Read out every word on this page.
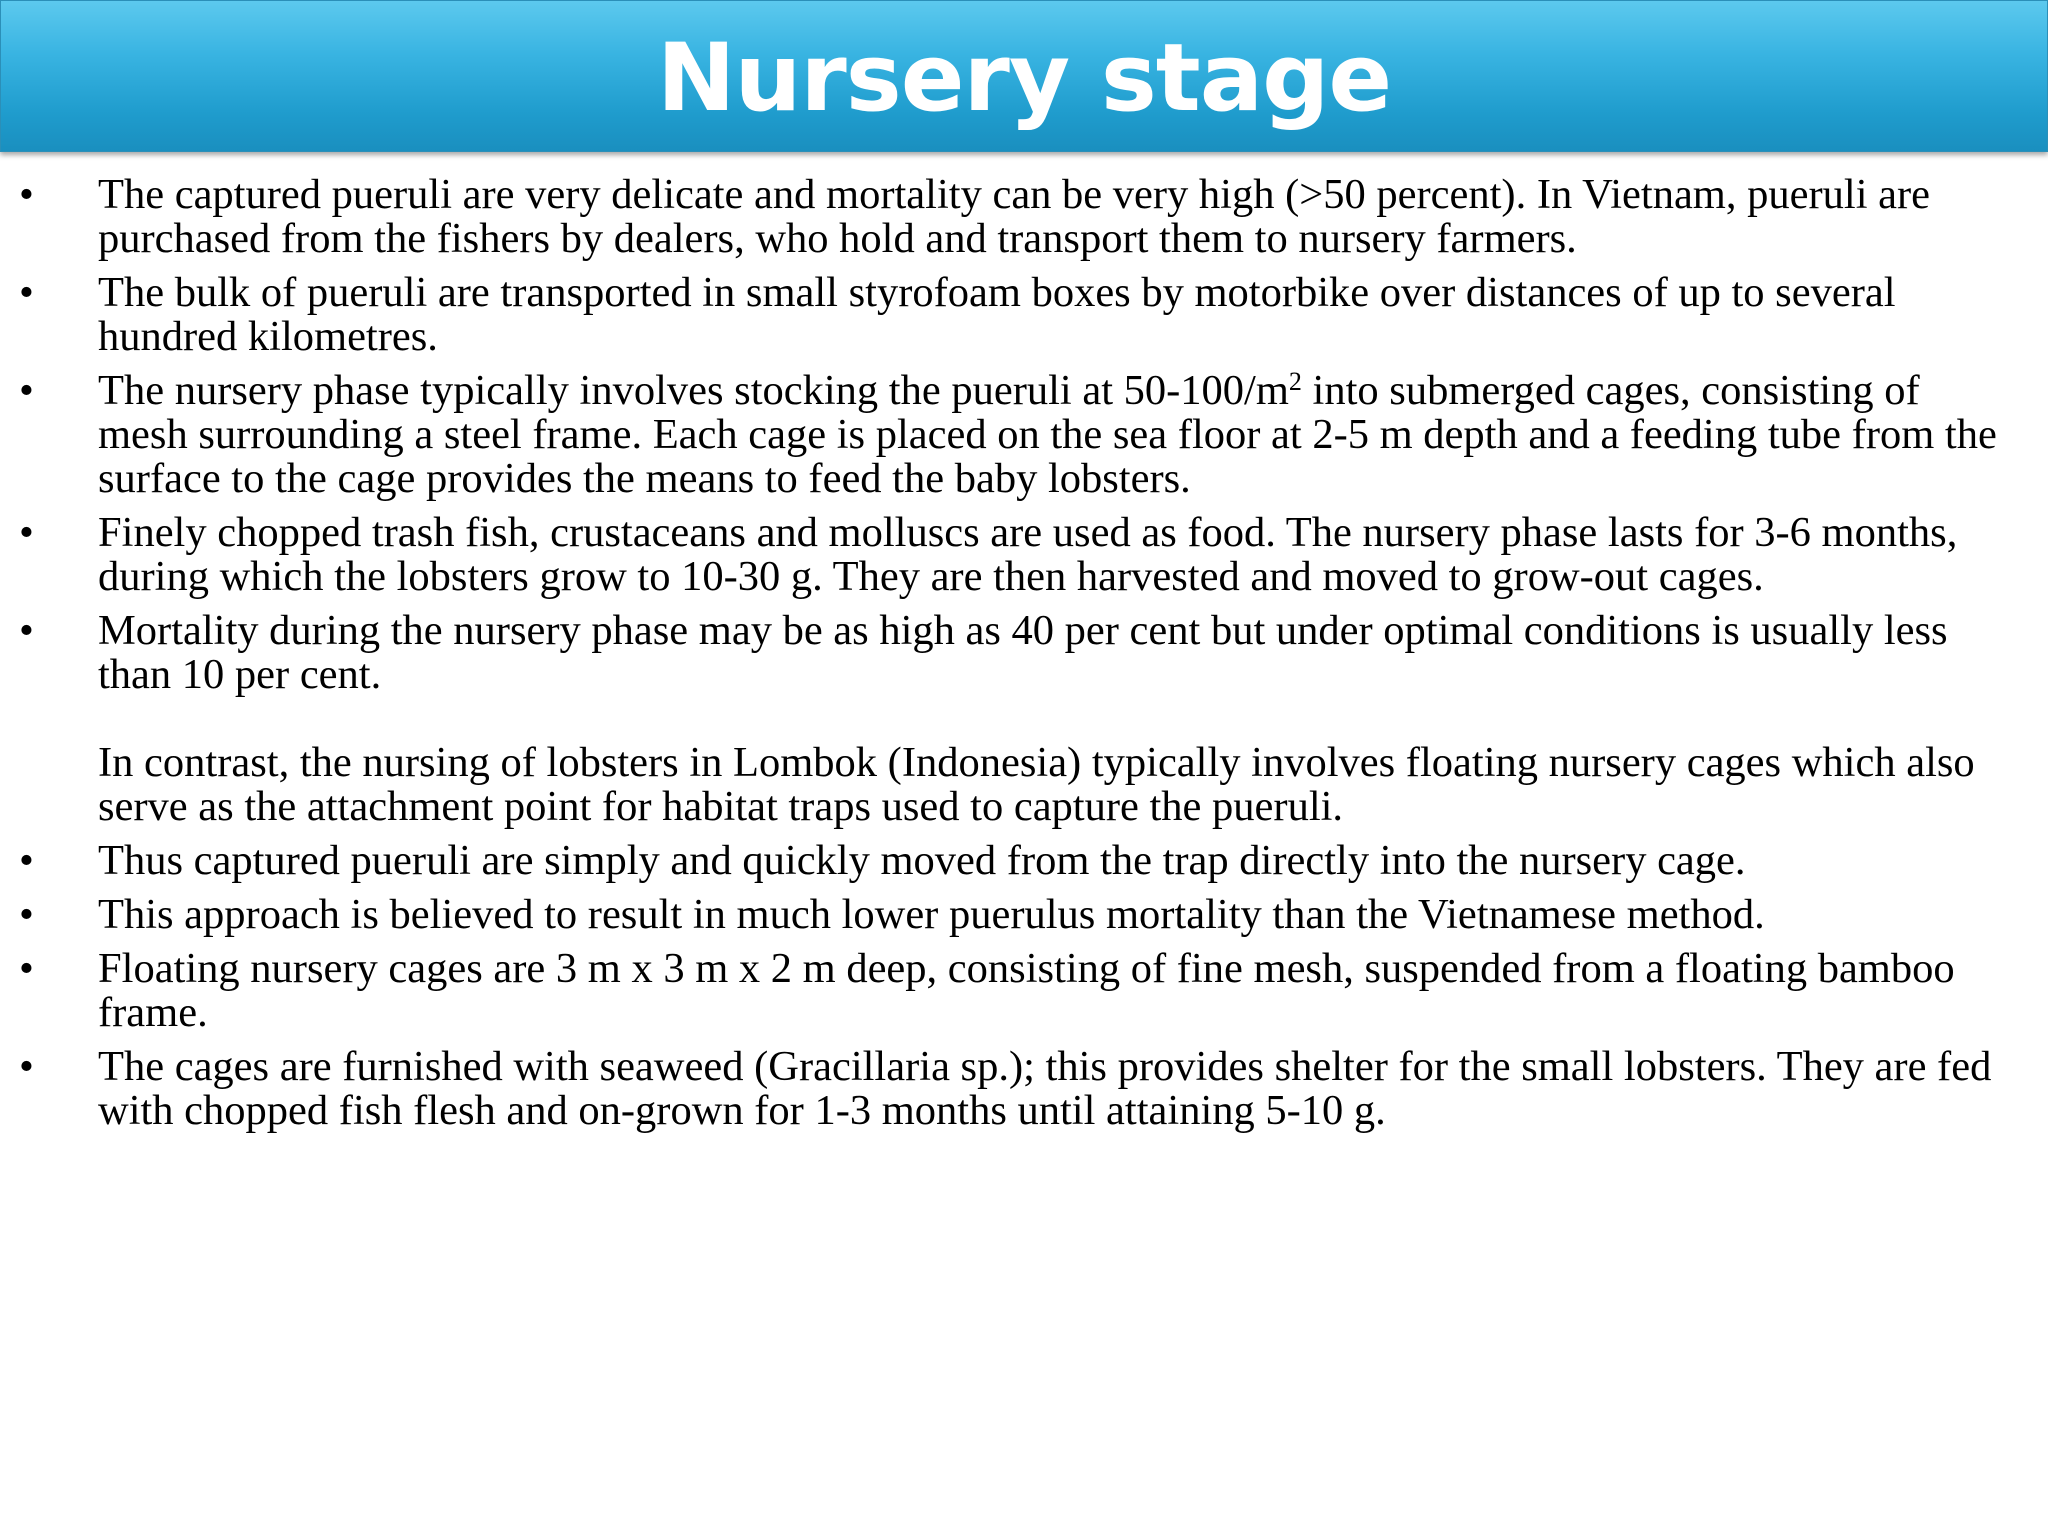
Nursery stage
•	The captured pueruli are very delicate and mortality can be very high (>50 percent). In Vietnam, pueruli are purchased from the fishers by dealers, who hold and transport them to nursery farmers.
•	The bulk of pueruli are transported in small styrofoam boxes by motorbike over distances of up to several hundred kilometres.
•	The nursery phase typically involves stocking the pueruli at $50-100/m^2$ into submerged cages, consisting of mesh surrounding a steel frame. Each cage is placed on the sea floor at 2-5 m depth and a feeding tube from the surface to the cage provides the means to feed the baby lobsters.
•	Finely chopped trash fish, crustaceans and molluscs are used as food. The nursery phase lasts for 3-6 months, during which the lobsters grow to 10-30 g. They are then harvested and moved to grow-out cages.
•	Mortality during the nursery phase may be as high as 40 per cent but under optimal conditions is usually less than 10 per cent.
In contrast, the nursing of lobsters in Lombok (Indonesia) typically involves floating nursery cages which also serve as the attachment point for habitat traps used to capture the pueruli.
•	Thus captured pueruli are simply and quickly moved from the trap directly into the nursery cage.
•	This approach is believed to result in much lower puerulus mortality than the Vietnamese method.
•	Floating nursery cages are 3 m x 3 m x 2 m deep, consisting of fine mesh, suspended from a floating bamboo frame.
•	The cages are furnished with seaweed (Gracillaria sp.); this provides shelter for the small lobsters. They are fed with chopped fish flesh and on-grown for 1-3 months until attaining 5-10 g.
